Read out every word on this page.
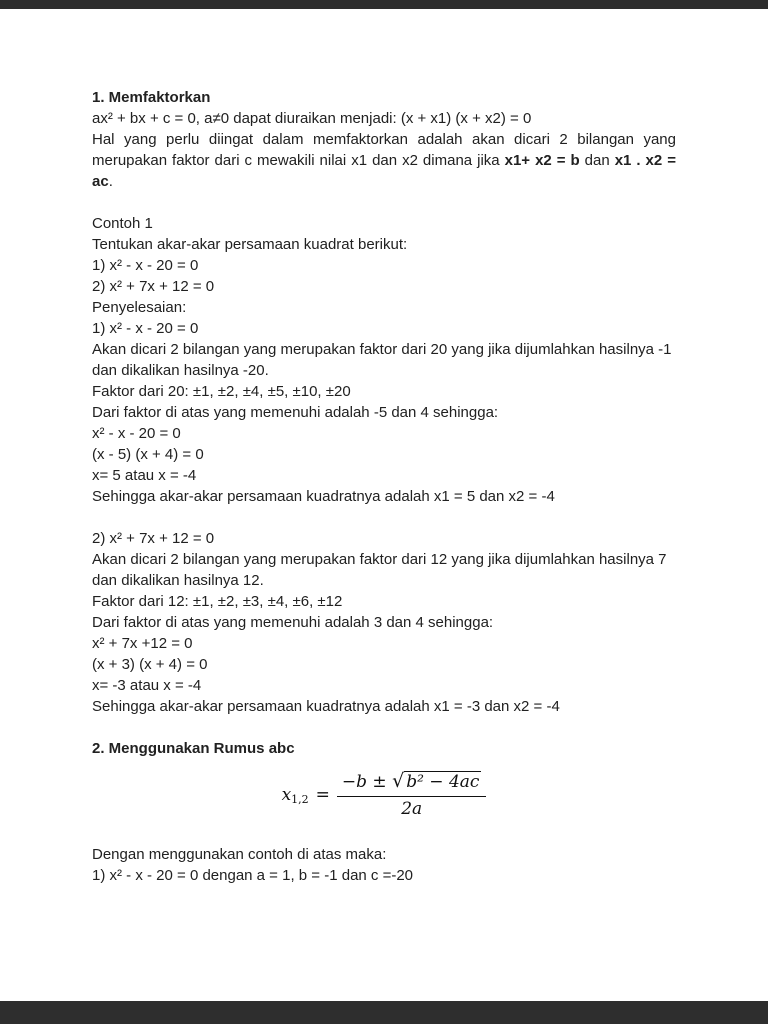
1. Memfaktorkan

ax² + bx + c = 0, a≠0 dapat diuraikan menjadi: (x + x1) (x + x2) = 0

Hal yang perlu diingat dalam memfaktorkan adalah akan dicari 2 bilangan yang merupakan faktor dari c mewakili nilai x1 dan x2 dimana jika x1+ x2 = b dan x1 . x2 = ac.

Contoh 1

Tentukan akar-akar persamaan kuadrat berikut:

1) x² - x - 20 = 0

2) x² + 7x + 12 = 0

Penyelesaian:

1) x² - x - 20 = 0

Akan dicari 2 bilangan yang merupakan faktor dari 20 yang jika dijumlahkan hasilnya -1 dan dikalikan hasilnya -20.

Faktor dari 20: ±1, ±2, ±4, ±5, ±10, ±20

Dari faktor di atas yang memenuhi adalah -5 dan 4 sehingga:

x² - x - 20 = 0

(x - 5) (x + 4) = 0

x= 5 atau x = -4

Sehingga akar-akar persamaan kuadratnya adalah x1 = 5 dan x2 = -4

2) x² + 7x + 12 = 0

Akan dicari 2 bilangan yang merupakan faktor dari 12 yang jika dijumlahkan hasilnya 7 dan dikalikan hasilnya 12.

Faktor dari 12: ±1, ±2, ±3, ±4, ±6, ±12

Dari faktor di atas yang memenuhi adalah 3 dan 4 sehingga:

x² + 7x +12 = 0

(x + 3) (x + 4) = 0

x= -3 atau x = -4

Sehingga akar-akar persamaan kuadratnya adalah x1 = -3 dan x2 = -4

2. Menggunakan Rumus abc

x $1,2 = \frac{\text{−b ± √ b² − 4ac}}{2a}$

Dengan menggunakan contoh di atas maka:

1) x² - x - 20 = 0 dengan a = 1, b = -1 dan c =-20
